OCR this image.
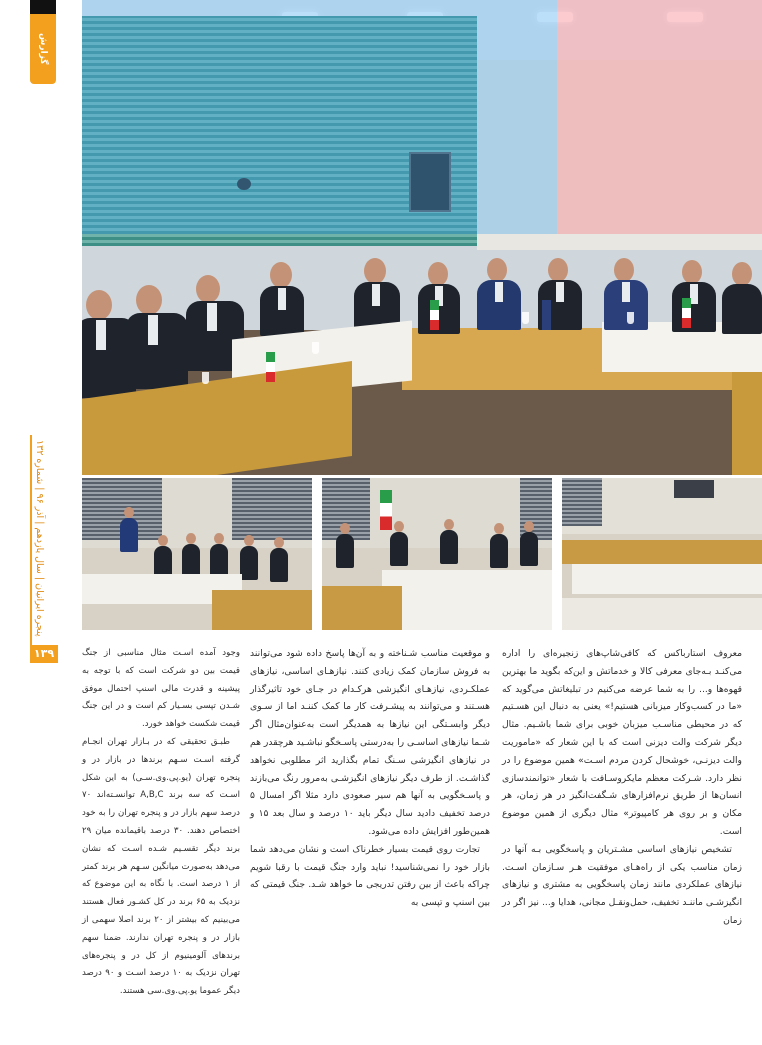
گزارش
پنجره ایرانیان | سال یازدهم | آذر ۹۶ | شماره ۱۳۲
۱۳۹	معروف استارباکس که کافی‌شاپ‌های زنجیره‌ای را اداره می‌کنـد بـه‌جای معرفی کالا و خدماتش و این‌که بگوید ما بهترین قهوه‌ها و... را به شما عرضه می‌کنیم در تبلیغاتش می‌گوید که «ما در کسب‌وکار میزبانی هستیم!» یعنی به دنبال این هسـتیم که در محیطی مناسـب میزبان خوبی برای شما باشـیم. مثال دیگر شرکت والت دیزنی است که با این شعار که «ماموریت والت دیزنـی، خوشحال کردن مردم اسـت» همین موضوع را در نظر دارد. شـرکت معظم مایکروسـافت با شعار «توانمندسازی انسان‌ها از طریق نرم‌افزارهای شـگفت‌انگیز در هر زمان، هر مکان و بر روی هر کامپیوتر» مثال دیگری از همین موضوع است.

تشخیص نیازهای اساسی مشـتریان و پاسخگویی بـه آنها در زمان مناسب یکی از راه‌هـای موفقیت هـر سـازمان اسـت. نیازهای عملکردی مانند زمان پاسخگویی به مشتری و نیازهای انگیزشـی ماننـد تخفیف، حمل‌ونقـل مجانی، هدایا و... نیز اگر در زمان

و موقعیت مناسب شـناخته و به آن‌ها پاسخ داده شود می‌توانند به فروش سازمان کمک زیادی کنند. نیازهـای اساسی، نیازهای عملکـردی، نیازهـای انگیزشی هرکـدام در جـای خود تاثیرگذار هسـتند و می‌توانند به پیشـرفت کار ما کمک کننـد اما از سـوی دیگر وابسـتگی این نیازها به همدیگر است به‌عنوان‌مثال اگر شـما نیازهای اساسـی را به‌درستی پاسـخگو نباشـید هرچقدر هم در نیازهای انگیزشی سـنگ تمام بگذارید اثر مطلوبی نخواهد گذاشـت. از طرف دیگر نیازهای انگیزشـی به‌مرور رنگ می‌بازند و پاسـخگویی به آنها هم سیر صعودی دارد مثلا اگر امسال ۵ درصد تخفیف دادید سال دیگر باید ۱۰ درصد و سال بعد ۱۵ و همین‌طور افزایش داده می‌شود.

تجارت روی قیمت بسیار خطرناک است و نشان می‌دهد شما بازار خود را نمی‌شناسید! نباید وارد جنگ قیمت با رقبا شویم چراکه باعث از بین رفتن تدریجی ما خواهد شـد. جنگ قیمتی که بین اسنپ و تپسی به

وجود آمده اسـت مثال مناسبی از جنگ قیمت بین دو شرکت است که با توجه به پیشینه و قدرت مالی اسنپ احتمال موفق شـدن تپسی بسـیار کم است و در این جنگ قیمت شکست خواهد خورد.

طبـق تحقیقی که در بـازار تهران انجـام گرفته اسـت سـهم برندها در بازار در و پنجره تهران (یو.پی.وی.سـی) به این شکل اسـت که سه برند A,B,C توانسـته‌اند ۷۰ درصد سهم بازار در و پنجره تهران را به خود اختصاص دهند. ۳۰ درصد باقیمانده میان ۲۹ برند دیگر تقسـیم شـده اسـت که نشان می‌دهد به‌صورت میانگین سـهم هر برند کمتر از ۱ درصد است. با نگاه به این موضوع که نزدیک به ۶۵ برند در کل کشـور فعال هستند می‌بینیم که بیشتر از ۲۰ برند اصلا سهمی از بازار در و پنجره تهران ندارند. ضمنا سهم برندهای آلومینیوم از کل در و پنجره‌های تهران نزدیک به ۱۰ درصد اسـت و ۹۰ درصد دیگر عموما یو.پی.وی.سی هستند.
